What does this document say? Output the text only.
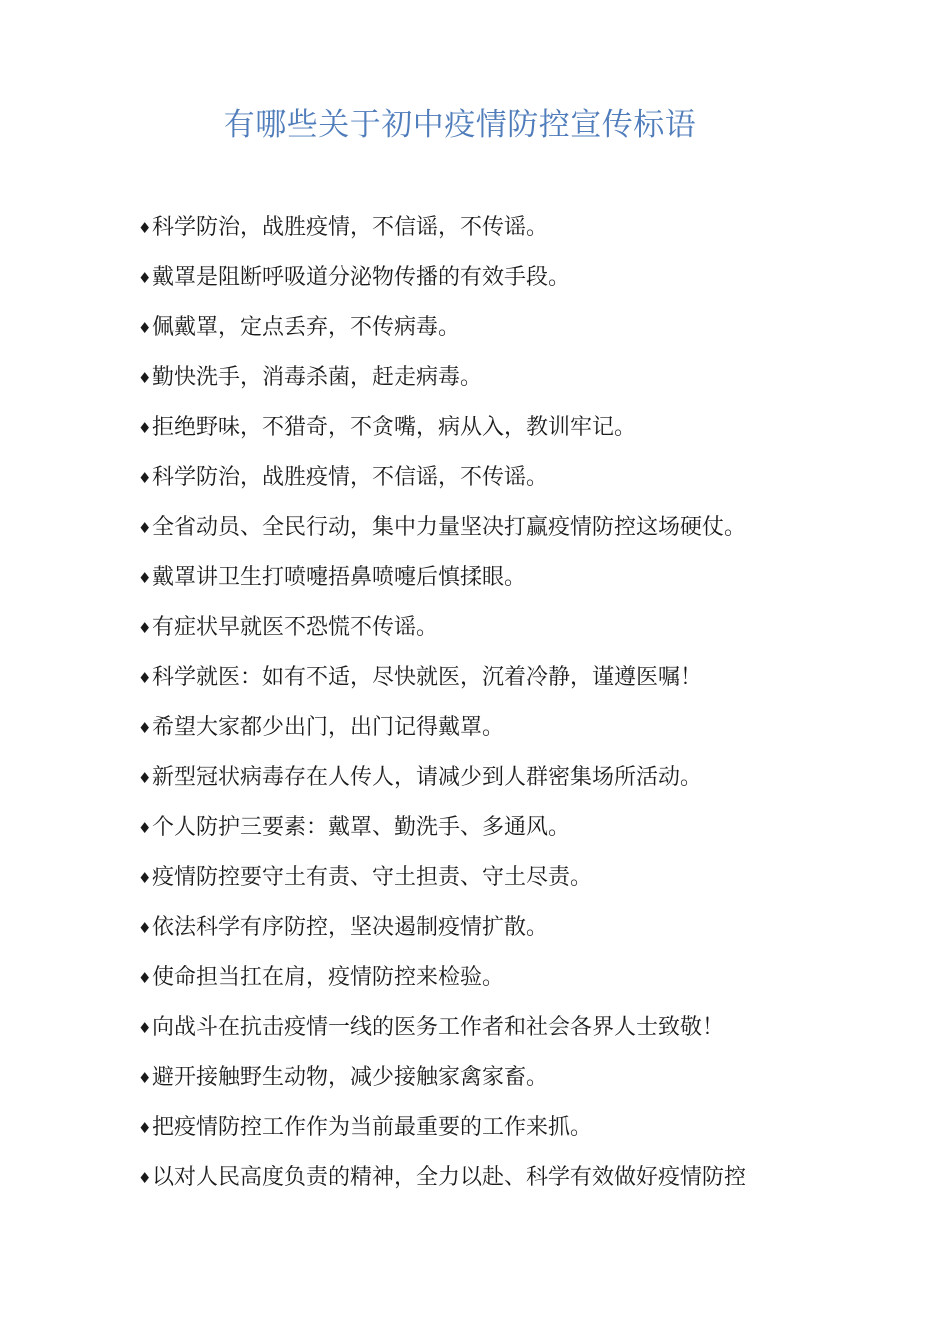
有哪些关于初中疫情防控宣传标语
♦科学防治，战胜疫情，不信谣，不传谣。
♦戴罩是阻断呼吸道分泌物传播的有效手段。
♦佩戴罩，定点丢弃，不传病毒。
♦勤快洗手，消毒杀菌，赶走病毒。
♦拒绝野味，不猎奇，不贪嘴，病从入，教训牢记。
♦科学防治，战胜疫情，不信谣，不传谣。
♦全省动员、全民行动，集中力量坚决打赢疫情防控这场硬仗。
♦戴罩讲卫生打喷嚏捂鼻喷嚏后慎揉眼。
♦有症状早就医不恐慌不传谣。
♦科学就医：如有不适，尽快就医，沉着冷静，谨遵医嘱！
♦希望大家都少出门，出门记得戴罩。
♦新型冠状病毒存在人传人，请减少到人群密集场所活动。
♦个人防护三要素：戴罩、勤洗手、多通风。
♦疫情防控要守土有责、守土担责、守土尽责。
♦依法科学有序防控，坚决遏制疫情扩散。
♦使命担当扛在肩，疫情防控来检验。
♦向战斗在抗击疫情一线的医务工作者和社会各界人士致敬！
♦避开接触野生动物，减少接触家禽家畜。
♦把疫情防控工作作为当前最重要的工作来抓。
♦以对人民高度负责的精神，全力以赴、科学有效做好疫情防控
